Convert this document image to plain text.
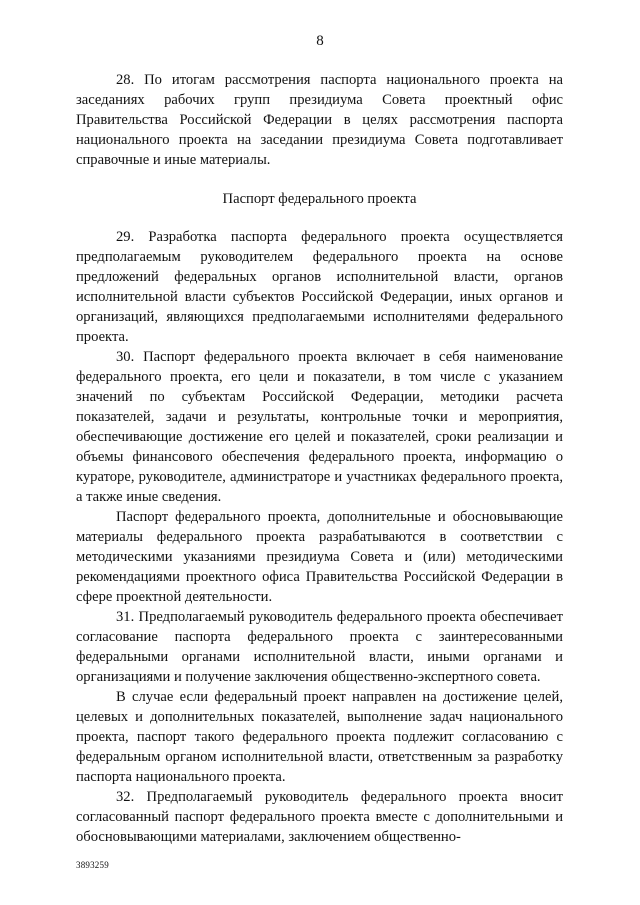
8

28. По итогам рассмотрения паспорта национального проекта на заседаниях рабочих групп президиума Совета проектный офис Правительства Российской Федерации в целях рассмотрения паспорта национального проекта на заседании президиума Совета подготавливает справочные и иные материалы.

Паспорт федерального проекта

29. Разработка паспорта федерального проекта осуществляется предполагаемым руководителем федерального проекта на основе предложений федеральных органов исполнительной власти, органов исполнительной власти субъектов Российской Федерации, иных органов и организаций, являющихся предполагаемыми исполнителями федерального проекта.

30. Паспорт федерального проекта включает в себя наименование федерального проекта, его цели и показатели, в том числе с указанием значений по субъектам Российской Федерации, методики расчета показателей, задачи и результаты, контрольные точки и мероприятия, обеспечивающие достижение его целей и показателей, сроки реализации и объемы финансового обеспечения федерального проекта, информацию о кураторе, руководителе, администраторе и участниках федерального проекта, а также иные сведения.

Паспорт федерального проекта, дополнительные и обосновывающие материалы федерального проекта разрабатываются в соответствии с методическими указаниями президиума Совета и (или) методическими рекомендациями проектного офиса Правительства Российской Федерации в сфере проектной деятельности.

31. Предполагаемый руководитель федерального проекта обеспечивает согласование паспорта федерального проекта с заинтересованными федеральными органами исполнительной власти, иными органами и организациями и получение заключения общественно-экспертного совета.

В случае если федеральный проект направлен на достижение целей, целевых и дополнительных показателей, выполнение задач национального проекта, паспорт такого федерального проекта подлежит согласованию с федеральным органом исполнительной власти, ответственным за разработку паспорта национального проекта.

32. Предполагаемый руководитель федерального проекта вносит согласованный паспорт федерального проекта вместе с дополнительными и обосновывающими материалами, заключением общественно-

3893259
